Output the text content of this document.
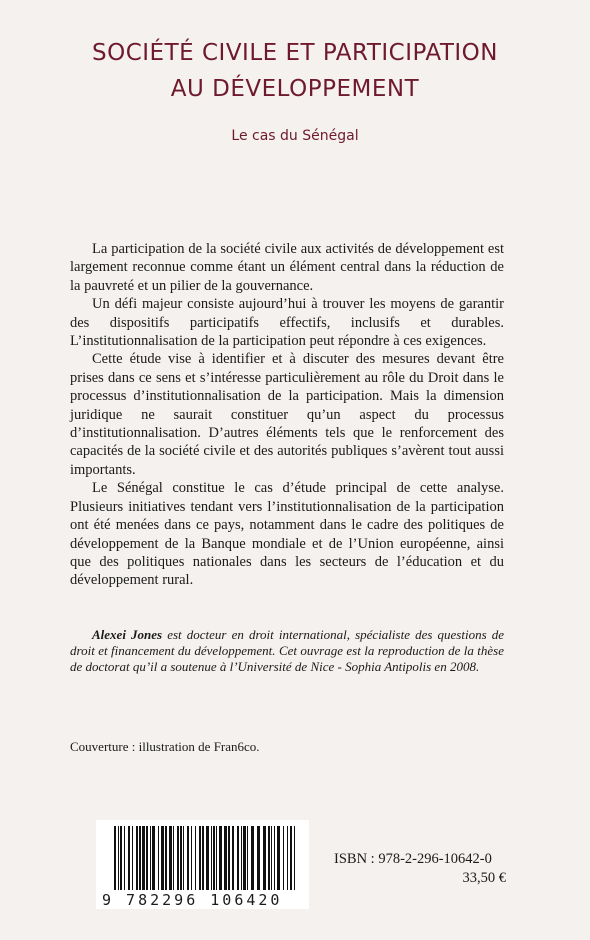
SOCIÉTÉ CIVILE ET PARTICIPATION
AU DÉVELOPPEMENT
Le cas du Sénégal

La participation de la société civile aux activités de développement est largement reconnue comme étant un élément central dans la réduction de la pauvreté et un pilier de la gouvernance.

Un défi majeur consiste aujourd’hui à trouver les moyens de garantir des dispositifs participatifs effectifs, inclusifs et durables. L’institutionnalisation de la participation peut répondre à ces exigences.

Cette étude vise à identifier et à discuter des mesures devant être prises dans ce sens et s’intéresse particulièrement au rôle du Droit dans le processus d’institutionnalisation de la participation. Mais la dimension juridique ne saurait constituer qu’un aspect du processus d’institutionnalisation. D’autres éléments tels que le renforcement des capacités de la société civile et des autorités publiques s’avèrent tout aussi importants.

Le Sénégal constitue le cas d’étude principal de cette analyse. Plusieurs initiatives tendant vers l’institutionnalisation de la participation ont été menées dans ce pays, notamment dans le cadre des politiques de développement de la Banque mondiale et de l’Union européenne, ainsi que des politiques nationales dans les secteurs de l’éducation et du développement rural.

Alexei Jones est docteur en droit international, spécialiste des questions de droit et financement du développement. Cet ouvrage est la reproduction de la thèse de doctorat qu’il a soutenue à l’Université de Nice - Sophia Antipolis en 2008.

Couverture : illustration de Fran6co.
9 782296 106420
ISBN : 978-2-296-10642-0
33,50 €
